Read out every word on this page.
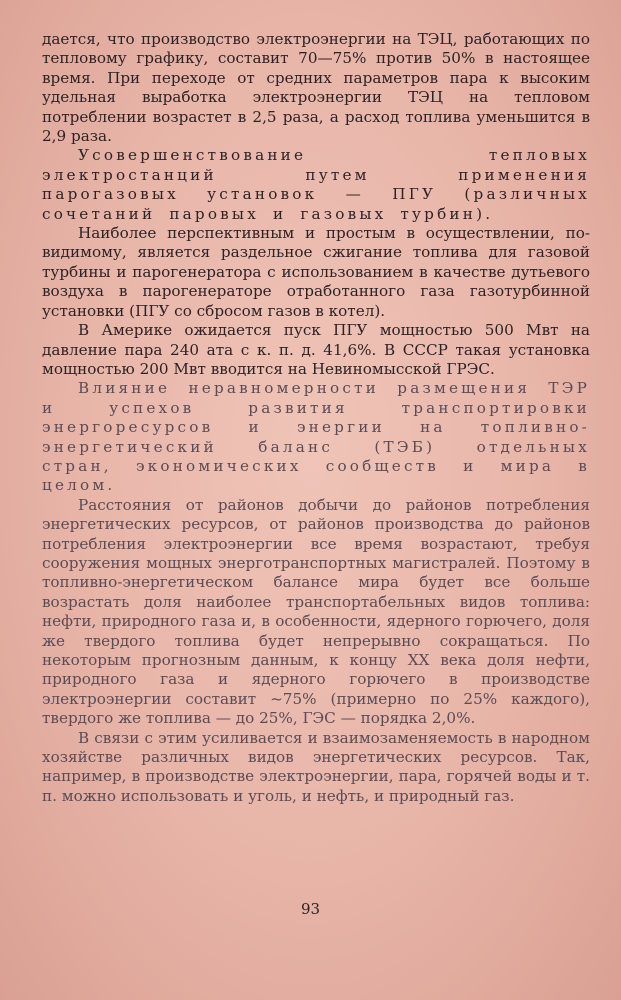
дается, что производство электроэнергии на ТЭЦ, работающих по тепловому графику, составит 70—75% против 50% в настоящее время. При переходе от средних параметров пара к высоким удельная выработка электроэнергии ТЭЦ на тепловом потреблении возрастет в 2,5 раза, а расход топлива уменьшится в 2,9 раза.

Усовершенствование тепловых электростанций путем применения парогазовых установок — ПГУ (различных сочетаний паровых и газовых турбин).

Наиболее перспективным и простым в осуществлении, по-видимому, является раздельное сжигание топлива для газовой турбины и парогенератора с использованием в качестве дутьевого воздуха в парогенераторе отработанного газа газотурбинной установки (ПГУ со сбросом газов в котел).

В Америке ожидается пуск ПГУ мощностью 500 Мвт на давление пара 240 ата с к. п. д. 41,6%. В СССР такая установка мощностью 200 Мвт вводится на Невиномысской ГРЭС.

Влияние неравномерности размещения ТЭР и успехов развития транспортировки энергоресурсов и энергии на топливно-энергетический баланс (ТЭБ) отдельных стран, экономических сообществ и мира в целом.

Расстояния от районов добычи до районов потребления энергетических ресурсов, от районов производства до районов потребления электроэнергии все время возрастают, требуя сооружения мощных энерготранспортных магистралей. Поэтому в топливно-энергетическом балансе мира будет все больше возрастать доля наиболее транспортабельных видов топлива: нефти, природного газа и, в особенности, ядерного горючего, доля же твердого топлива будет непрерывно сокращаться. По некоторым прогнозным данным, к концу XX века доля нефти, природного газа и ядерного горючего в производстве электроэнергии составит ~75% (примерно по 25% каждого), твердого же топлива — до 25%, ГЭС — порядка 2,0%.

В связи с этим усиливается и взаимозаменяемость в народном хозяйстве различных видов энергетических ресурсов. Так, например, в производстве электроэнергии, пара, горячей воды и т. п. можно использовать и уголь, и нефть, и природный газ.

93
